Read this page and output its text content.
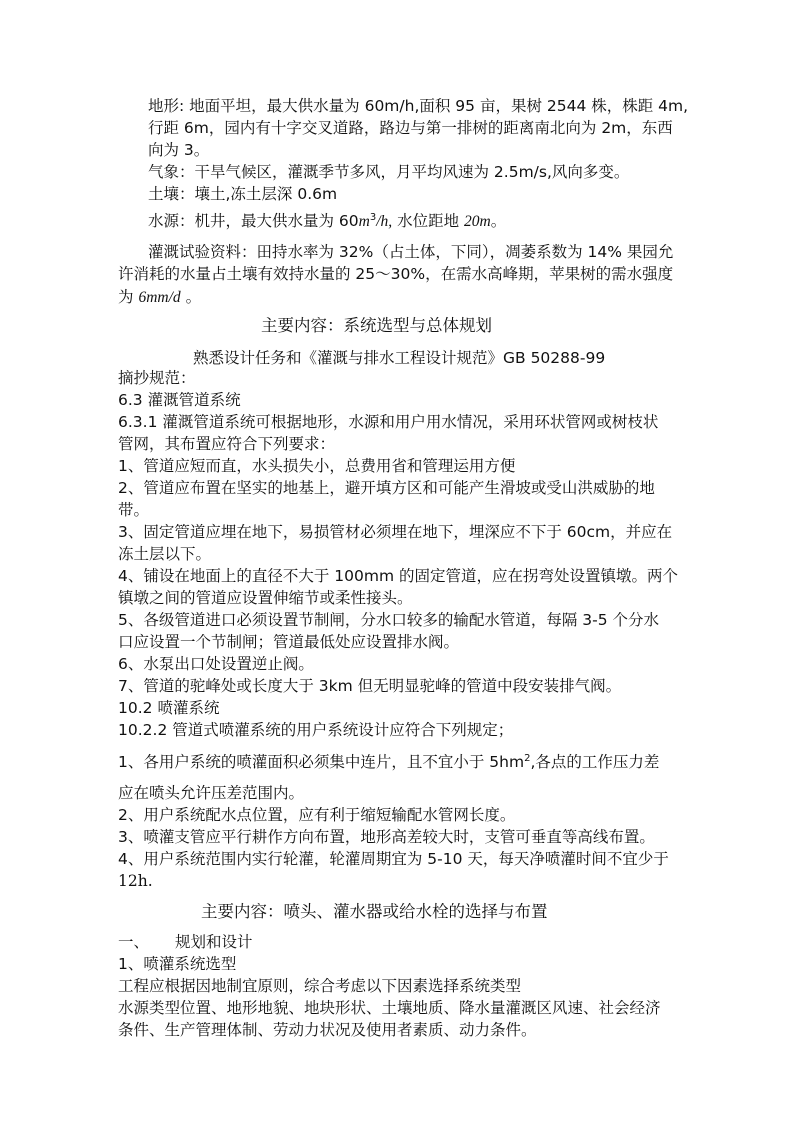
地形: 地面平坦，最大供水量为 60m/h,面积 95 亩，果树 2544 株，株距 4m,
行距 6m，园内有十字交叉道路，路边与第一排树的距离南北向为 2m，东西
向为 3。
气象：干旱气候区，灌溉季节多风，月平均风速为 2.5m/s,风向多变。
土壤：壤土,冻土层深 0.6m
水源：机井，最大供水量为 $60m^3/h$, 水位距地 20m。
灌溉试验资料：田持水率为 32%（占土体，下同），凋萎系数为 14% 果园允
许消耗的水量占土壤有效持水量的 25～30%，在需水高峰期，苹果树的需水强度
为 6mm/d 。
主要内容：系统选型与总体规划
熟悉设计任务和《灌溉与排水工程设计规范》GB 50288-99
摘抄规范：
6.3 灌溉管道系统
6.3.1 灌溉管道系统可根据地形，水源和用户用水情况，采用环状管网或树枝状
管网，其布置应符合下列要求：
1、管道应短而直，水头损失小，总费用省和管理运用方便
2、管道应布置在坚实的地基上，避开填方区和可能产生滑坡或受山洪威胁的地
带。
3、固定管道应埋在地下，易损管材必须埋在地下，埋深应不下于 60cm，并应在
冻土层以下。
4、铺设在地面上的直径不大于 100mm 的固定管道，应在拐弯处设置镇墩。两个
镇墩之间的管道应设置伸缩节或柔性接头。
5、各级管道进口必须设置节制闸，分水口较多的输配水管道，每隔 3-5 个分水
口应设置一个节制闸；管道最低处应设置排水阀。
6、水泵出口处设置逆止阀。
7、管道的驼峰处或长度大于 3km 但无明显驼峰的管道中段安装排气阀。
10.2 喷灌系统
10.2.2 管道式喷灌系统的用户系统设计应符合下列规定；
1、各用户系统的喷灌面积必须集中连片，且不宜小于 $5hm^2$,各点的工作压力差
应在喷头允许压差范围内。
2、用户系统配水点位置，应有利于缩短输配水管网长度。
3、喷灌支管应平行耕作方向布置，地形高差较大时，支管可垂直等高线布置。
4、用户系统范围内实行轮灌，轮灌周期宜为 5-10 天，每天净喷灌时间不宜少于
12h.
主要内容：喷头、灌水器或给水栓的选择与布置
一、 规划和设计
1、喷灌系统选型
工程应根据因地制宜原则，综合考虑以下因素选择系统类型
水源类型位置、地形地貌、地块形状、土壤地质、降水量灌溉区风速、社会经济
条件、生产管理体制、劳动力状况及使用者素质、动力条件。
